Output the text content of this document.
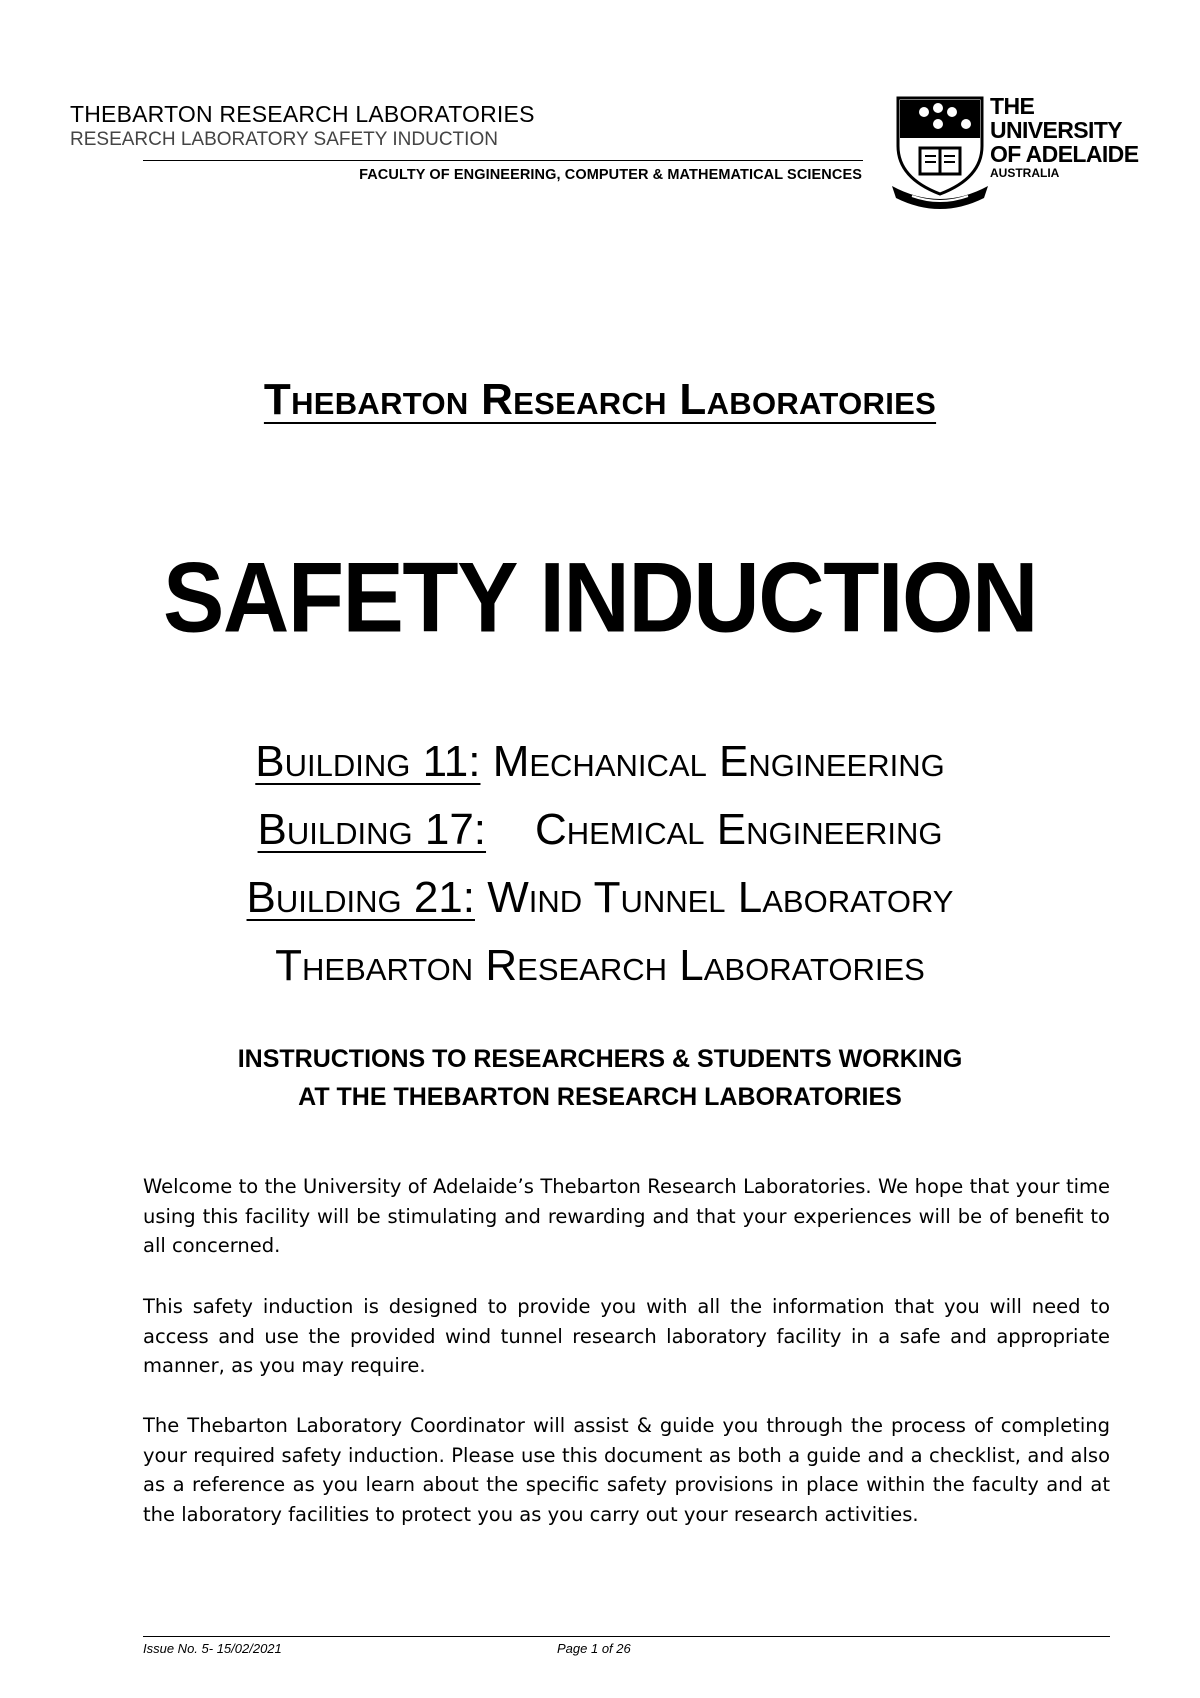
THEBARTON RESEARCH LABORATORIES
RESEARCH LABORATORY SAFETY INDUCTION
FACULTY OF ENGINEERING, COMPUTER & MATHEMATICAL SCIENCES
THE UNIVERSITY
OF ADELAIDE
AUSTRALIA
Thebarton Research Laboratories
SAFETY INDUCTION
Building 11: Mechanical Engineering
Building 17: Chemical Engineering
Building 21: Wind Tunnel Laboratory
Thebarton Research Laboratories
INSTRUCTIONS TO RESEARCHERS & STUDENTS WORKING
AT THE THEBARTON RESEARCH LABORATORIES
Welcome to the University of Adelaide’s Thebarton Research Laboratories. We hope that your time using this facility will be stimulating and rewarding and that your experiences will be of benefit to all concerned.
This safety induction is designed to provide you with all the information that you will need to access and use the provided wind tunnel research laboratory facility in a safe and appropriate manner, as you may require.
The Thebarton Laboratory Coordinator will assist & guide you through the process of completing your required safety induction. Please use this document as both a guide and a checklist, and also as a reference as you learn about the specific safety provisions in place within the faculty and at the laboratory facilities to protect you as you carry out your research activities.
Issue No. 5- 15/02/2021	Page 1 of 26
